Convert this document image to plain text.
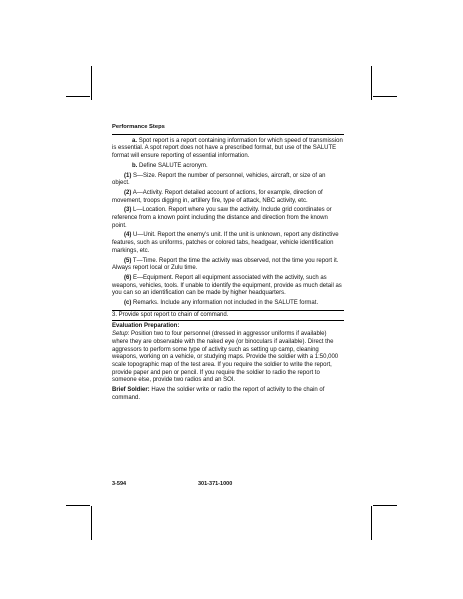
Performance Steps

a. Spot report is a report containing information for which speed of transmission is essential. A spot report does not have a prescribed format, but use of the SALUTE format will ensure reporting of essential information.

b. Define SALUTE acronym.

(1) S—Size. Report the number of personnel, vehicles, aircraft, or size of an object.

(2) A—Activity. Report detailed account of actions, for example, direction of movement, troops digging in, artillery fire, type of attack, NBC activity, etc.

(3) L—Location. Report where you saw the activity. Include grid coordinates or reference from a known point including the distance and direction from the known point.

(4) U—Unit. Report the enemy's unit. If the unit is unknown, report any distinctive features, such as uniforms, patches or colored tabs, headgear, vehicle identification markings, etc.

(5) T—Time. Report the time the activity was observed, not the time you report it. Always report local or Zulu time.

(6) E—Equipment. Report all equipment associated with the activity, such as weapons, vehicles, tools. If unable to identify the equipment, provide as much detail as you can so an identification can be made by higher headquarters.

(c) Remarks. Include any information not included in the SALUTE format.

3. Provide spot report to chain of command.
Evaluation Preparation:

Setup: Position two to four personnel (dressed in aggressor uniforms if available) where they are observable with the naked eye (or binoculars if available). Direct the aggressors to perform some type of activity such as setting up camp, cleaning weapons, working on a vehicle, or studying maps. Provide the soldier with a 1:50,000 scale topographic map of the test area. If you require the soldier to write the report, provide paper and pen or pencil. If you require the soldier to radio the report to someone else, provide two radios and an SOI.

Brief Soldier: Have the soldier write or radio the report of activity to the chain of command.

3-594	301-371-1000
